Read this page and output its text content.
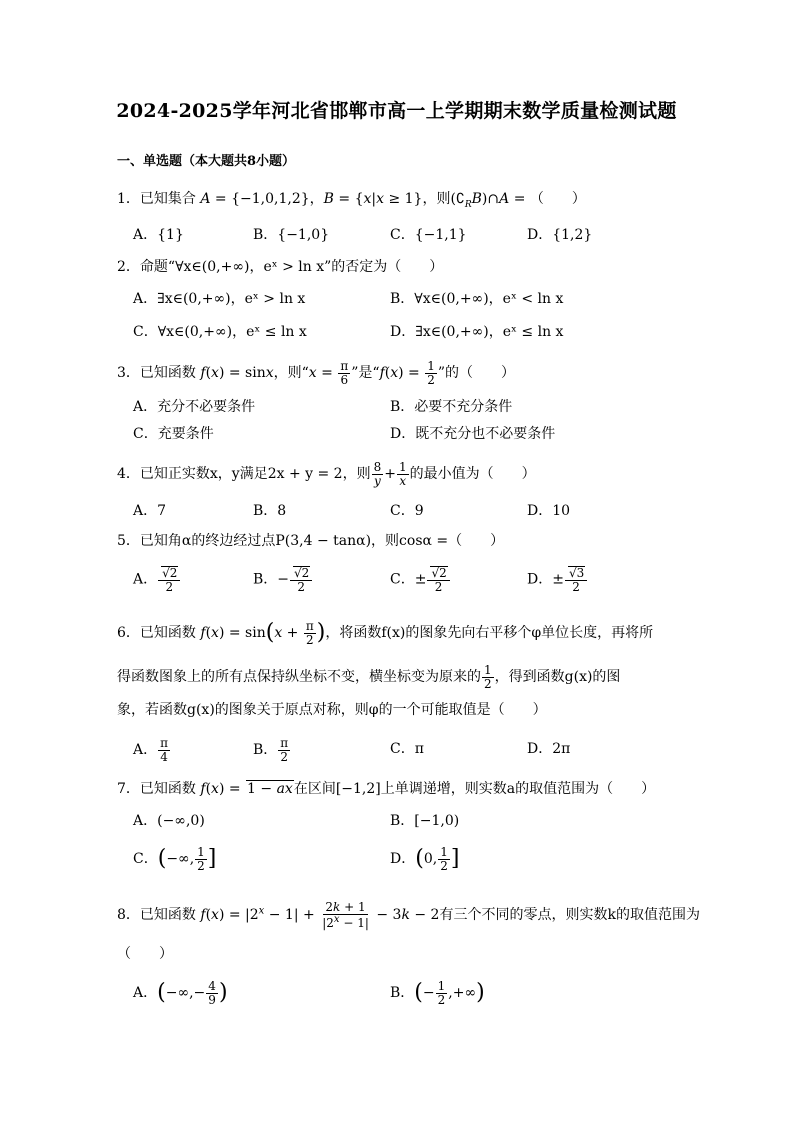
2024-2025学年河北省邯郸市高一上学期期末数学质量检测试题
一、单选题（本大题共8小题）
1．已知集合 A = {−1,0,1,2}，B = {x|x ≥ 1}，则$(∁_RB)\cap A$ = （　　）
A．{1}	B．{−1,0}	C．{−1,1}	D．{1,2}
2．命题“∀x∈(0,+∞)，eˣ > ln x”的否定为（　　）
A．∃x∈(0,+∞)，eˣ > ln x	B．∀x∈(0,+∞)，eˣ < ln x
C．∀x∈(0,+∞)，eˣ ≤ ln x	D．∃x∈(0,+∞)，eˣ ≤ ln x
3．已知函数 f(x) = sinx，则“$x = \frac{\pi}{6}$ ”是“$f(x) = \frac{1}{2}$ ”的（　　）
A．充分不必要条件	B．必要不充分条件
C．充要条件	D．既不充分也不必要条件
4．已知正实数x，y满足2x + y = 2，则 $\frac{8}{y} + \frac{1}{x}$ 的最小值为（　　）
A．7	B．8	C．9	D．10
5．已知角α的终边经过点P(3,4 − tanα)，则cosα =（　　）
A． $\frac{√2}{2}$	B．− $\frac{√2}{2}$	C．± $\frac{√2}{2}$	D．± $\frac{√3}{2}$
6．已知函数 $f(x) = \sin(x + \frac{\pi}{2}$ )，将函数f(x)的图象先向右平移个φ单位长度，再将所
得函数图象上的所有点保持纵坐标不变，横坐标变为原来的 $\frac{1}{2}$ ，得到函数g(x)的图
象，若函数g(x)的图象关于原点对称，则φ的一个可能取值是（　　）
A． $\frac{\pi}{4}$	B． $\frac{\pi}{2}$	C．π	D．2π
7．已知函数 f(x) = 1 − ax在区间[−1,2]上单调递增，则实数a的取值范围为（　　）
A．(−∞,0)	B．[−1,0)
C．(−∞, $\frac{1}{2}$ ]	D．(0, $\frac{1}{2}$ ]
8．已知函数 $f(x) = |2^x - 1| + \frac{2k + 1}{|2^x - 1|} - 3k - 2$有三个不同的零点，则实数k的取值范围为
（　　）
A．(−∞,− $\frac{4}{9}$ )	B．(− $\frac{1}{2}$ ,+∞)
